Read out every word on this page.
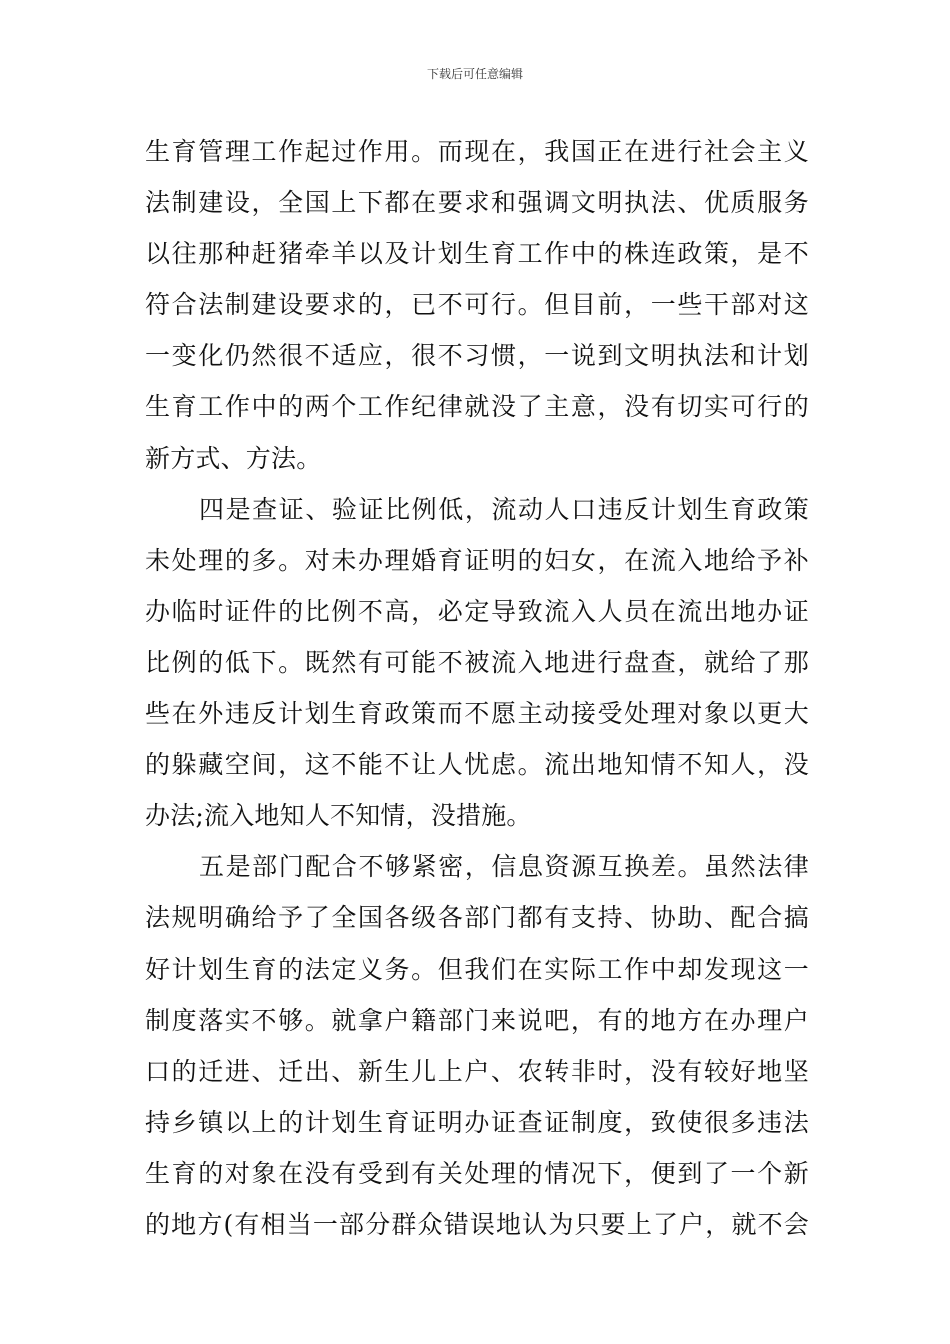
下载后可任意编辑
生育管理工作起过作用。而现在，我国正在进行社会主义
法制建设，全国上下都在要求和强调文明执法、优质服务
以往那种赶猪牵羊以及计划生育工作中的株连政策，是不
符合法制建设要求的，已不可行。但目前，一些干部对这
一变化仍然很不适应，很不习惯，一说到文明执法和计划
生育工作中的两个工作纪律就没了主意，没有切实可行的
新方式、方法。
四是查证、验证比例低，流动人口违反计划生育政策
未处理的多。对未办理婚育证明的妇女，在流入地给予补
办临时证件的比例不高，必定导致流入人员在流出地办证
比例的低下。既然有可能不被流入地进行盘查，就给了那
些在外违反计划生育政策而不愿主动接受处理对象以更大
的躲藏空间，这不能不让人忧虑。流出地知情不知人，没
办法;流入地知人不知情，没措施。
五是部门配合不够紧密，信息资源互换差。虽然法律
法规明确给予了全国各级各部门都有支持、协助、配合搞
好计划生育的法定义务。但我们在实际工作中却发现这一
制度落实不够。就拿户籍部门来说吧，有的地方在办理户
口的迁进、迁出、新生儿上户、农转非时，没有较好地坚
持乡镇以上的计划生育证明办证查证制度，致使很多违法
生育的对象在没有受到有关处理的情况下，便到了一个新
的地方(有相当一部分群众错误地认为只要上了户，就不会
